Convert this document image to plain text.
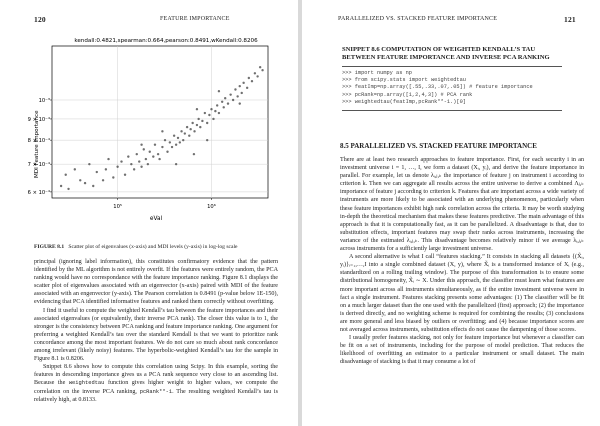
120	FEATURE IMPORTANCE
kendall:0.4821,spearman:0.664,pearson:0.8491,wKendall:0.8206
MDI Feature Importance
eVal
10⁻³
9 × 10⁻⁴
8 × 10⁻⁴
7 × 10⁻⁴
6 × 10⁻⁴
10⁵	10⁶
FIGURE 8.1 Scatter plot of eigenvalues (x-axis) and MDI levels (y-axis) in log-log scale

principal (ignoring label information), this constitutes confirmatory evidence that the pattern identified by the ML algorithm is not entirely overfit. If the features were entirely random, the PCA ranking would have no correspondance with the feature importance ranking. Figure 8.1 displays the scatter plot of eigenvalues associated with an eigenvector (x-axis) paired with MDI of the feature associated with an engenvector (y-axis). The Pearson correlation is 0.8491 (p-value below 1E-150), evidencing that PCA identified informative features and ranked them correctly without overfitting.

I find it useful to compute the weighted Kendall’s tau between the feature importances and their associated eigenvalues (or equivalently, their inverse PCA rank). The closer this value is to 1, the stronger is the consistency between PCA ranking and feature importance ranking. One argument for preferring a weighted Kendall’s tau over the standard Kendall is that we want to prioritize rank concordance among the most important features. We do not care so much about rank concordance among irrelevant (likely noisy) features. The hyperbolic-weighted Kendall’s tau for the sample in Figure 8.1 is 0.8206.

Snippet 8.6 shows how to compute this correlation using Scipy. In this example, sorting the features in descending importance gives us a PCA rank sequence very close to an ascending list. Because the weightedtau function gives higher weight to higher values, we compute the correlation on the inverse PCA ranking, pcRank**-1. The resulting weighted Kendall’s tau is relatively high, at 0.8133.

PARALLELIZED VS. STACKED FEATURE IMPORTANCE	121
SNIPPET 8.6 COMPUTATION OF WEIGHTED KENDALL’S TAU
BETWEEN FEATURE IMPORTANCE AND INVERSE PCA RANKING
>>> import numpy as np
>>> from scipy.stats import weightedtau
>>> featImp=np.array([.55,.33,.07,.05]) # feature importance
>>> pcRank=np.array([1,2,4,3]) # PCA rank
>>> weightedtau(featImp,pcRank**-1.)[0]
8.5 PARALLELIZED VS. STACKED FEATURE IMPORTANCE

There are at least two research approaches to feature importance. First, for each security i in an investment universe i = 1, …, I, we form a dataset (Xᵢ, yᵢ), and derive the feature importance in parallel. For example, let us denote λᵢ,ⱼ,ₖ the importance of feature j on instrument i according to criterion k. Then we can aggregate all results across the entire universe to derive a combined Λⱼ,ₖ importance of feature j according to criterion k. Features that are important across a wide variety of instruments are more likely to be associated with an underlying phenomenon, particularly when these feature importances exhibit high rank correlation across the criteria. It may be worth studying in-depth the theoretical mechanism that makes these features predictive. The main advantage of this approach is that it is computationally fast, as it can be parallelized. A disadvantage is that, due to substitution effects, important features may swap their ranks across instruments, increasing the variance of the estimated λᵢ,ⱼ,ₖ. This disadvantage becomes relatively minor if we average λᵢ,ⱼ,ₖ across instruments for a sufficiently large investment universe.

A second alternative is what I call “features stacking.” It consists in stacking all datasets {(X̃ᵢ, yᵢ)}ᵢ₌₁,…,I into a single combined dataset (X, y), where X̃ᵢ is a transformed instance of Xᵢ (e.g., standardized on a rolling trailing window). The purpose of this transformation is to ensure some distributional homogeneity, X̃ᵢ ∼ X. Under this approach, the classifier must learn what features are more important across all instruments simultaneously, as if the entire investment universe were in fact a single instrument. Features stacking presents some advantages: (1) The classifier will be fit on a much larger dataset than the one used with the parallelized (first) approach; (2) the importance is derived directly, and no weighting scheme is required for combining the results; (3) conclusions are more general and less biased by outliers or overfitting; and (4) because importance scores are not averaged across instruments, substitution effects do not cause the dampening of those scores.

I usually prefer features stacking, not only for feature importance but whenever a classifier can be fit on a set of instruments, including for the purpose of model prediction. That reduces the likelihood of overfitting an estimator to a particular instrument or small dataset. The main disadvantage of stacking is that it may consume a lot of
